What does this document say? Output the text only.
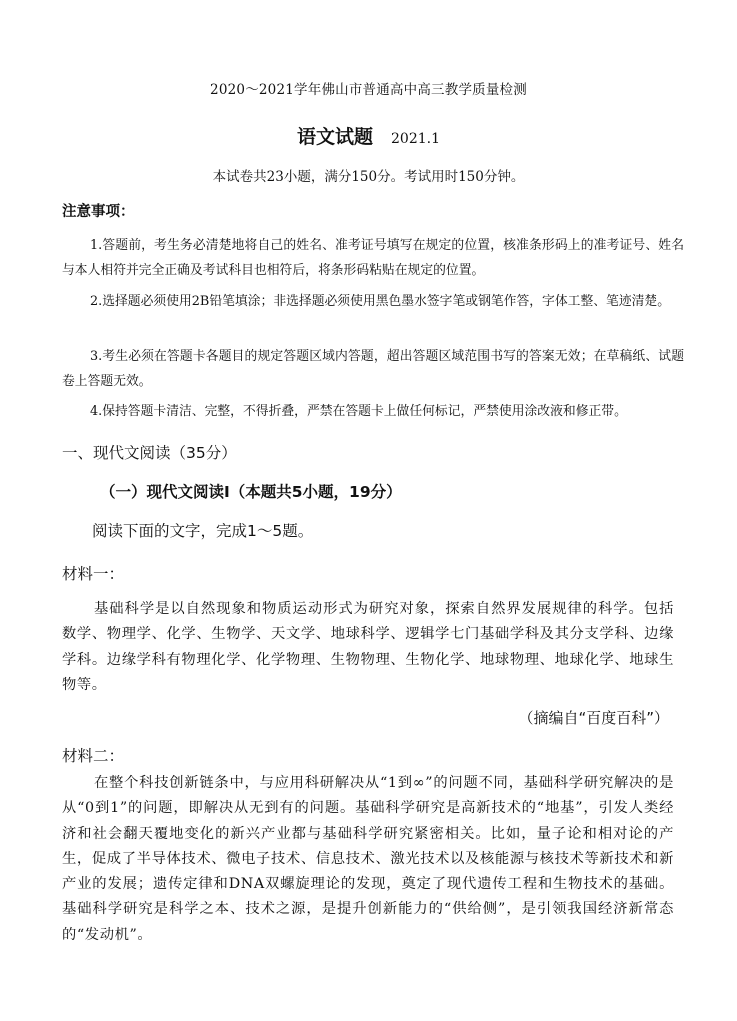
2020～2021学年佛山市普通高中高三教学质量检测
语文试题 2021.1
本试卷共23小题，满分150分。考试用时150分钟。
注意事项：
1.答题前，考生务必清楚地将自己的姓名、准考证号填写在规定的位置，核准条形码上的准考证号、姓名与本人相符并完全正确及考试科目也相符后，将条形码粘贴在规定的位置。
2.选择题必须使用2B铅笔填涂；非选择题必须使用黑色墨水签字笔或钢笔作答，字体工整、笔迹清楚。
3.考生必须在答题卡各题目的规定答题区域内答题，超出答题区域范围书写的答案无效；在草稿纸、试题卷上答题无效。
4.保持答题卡清洁、完整，不得折叠，严禁在答题卡上做任何标记，严禁使用涂改液和修正带。
一、现代文阅读（35分）
（一）现代文阅读Ⅰ（本题共5小题，19分）
阅读下面的文字，完成1～5题。
材料一：
基础科学是以自然现象和物质运动形式为研究对象，探索自然界发展规律的科学。包括数学、物理学、化学、生物学、天文学、地球科学、逻辑学七门基础学科及其分支学科、边缘学科。边缘学科有物理化学、化学物理、生物物理、生物化学、地球物理、地球化学、地球生物等。
（摘编自“百度百科”）
材料二：
在整个科技创新链条中，与应用科研解决从“1到∞”的问题不同，基础科学研究解决的是从“0到1”的问题，即解决从无到有的问题。基础科学研究是高新技术的“地基”，引发人类经济和社会翻天覆地变化的新兴产业都与基础科学研究紧密相关。比如，量子论和相对论的产生，促成了半导体技术、微电子技术、信息技术、激光技术以及核能源与核技术等新技术和新产业的发展；遗传定律和DNA双螺旋理论的发现，奠定了现代遗传工程和生物技术的基础。基础科学研究是科学之本、技术之源，是提升创新能力的“供给侧”，是引领我国经济新常态的“发动机”。
